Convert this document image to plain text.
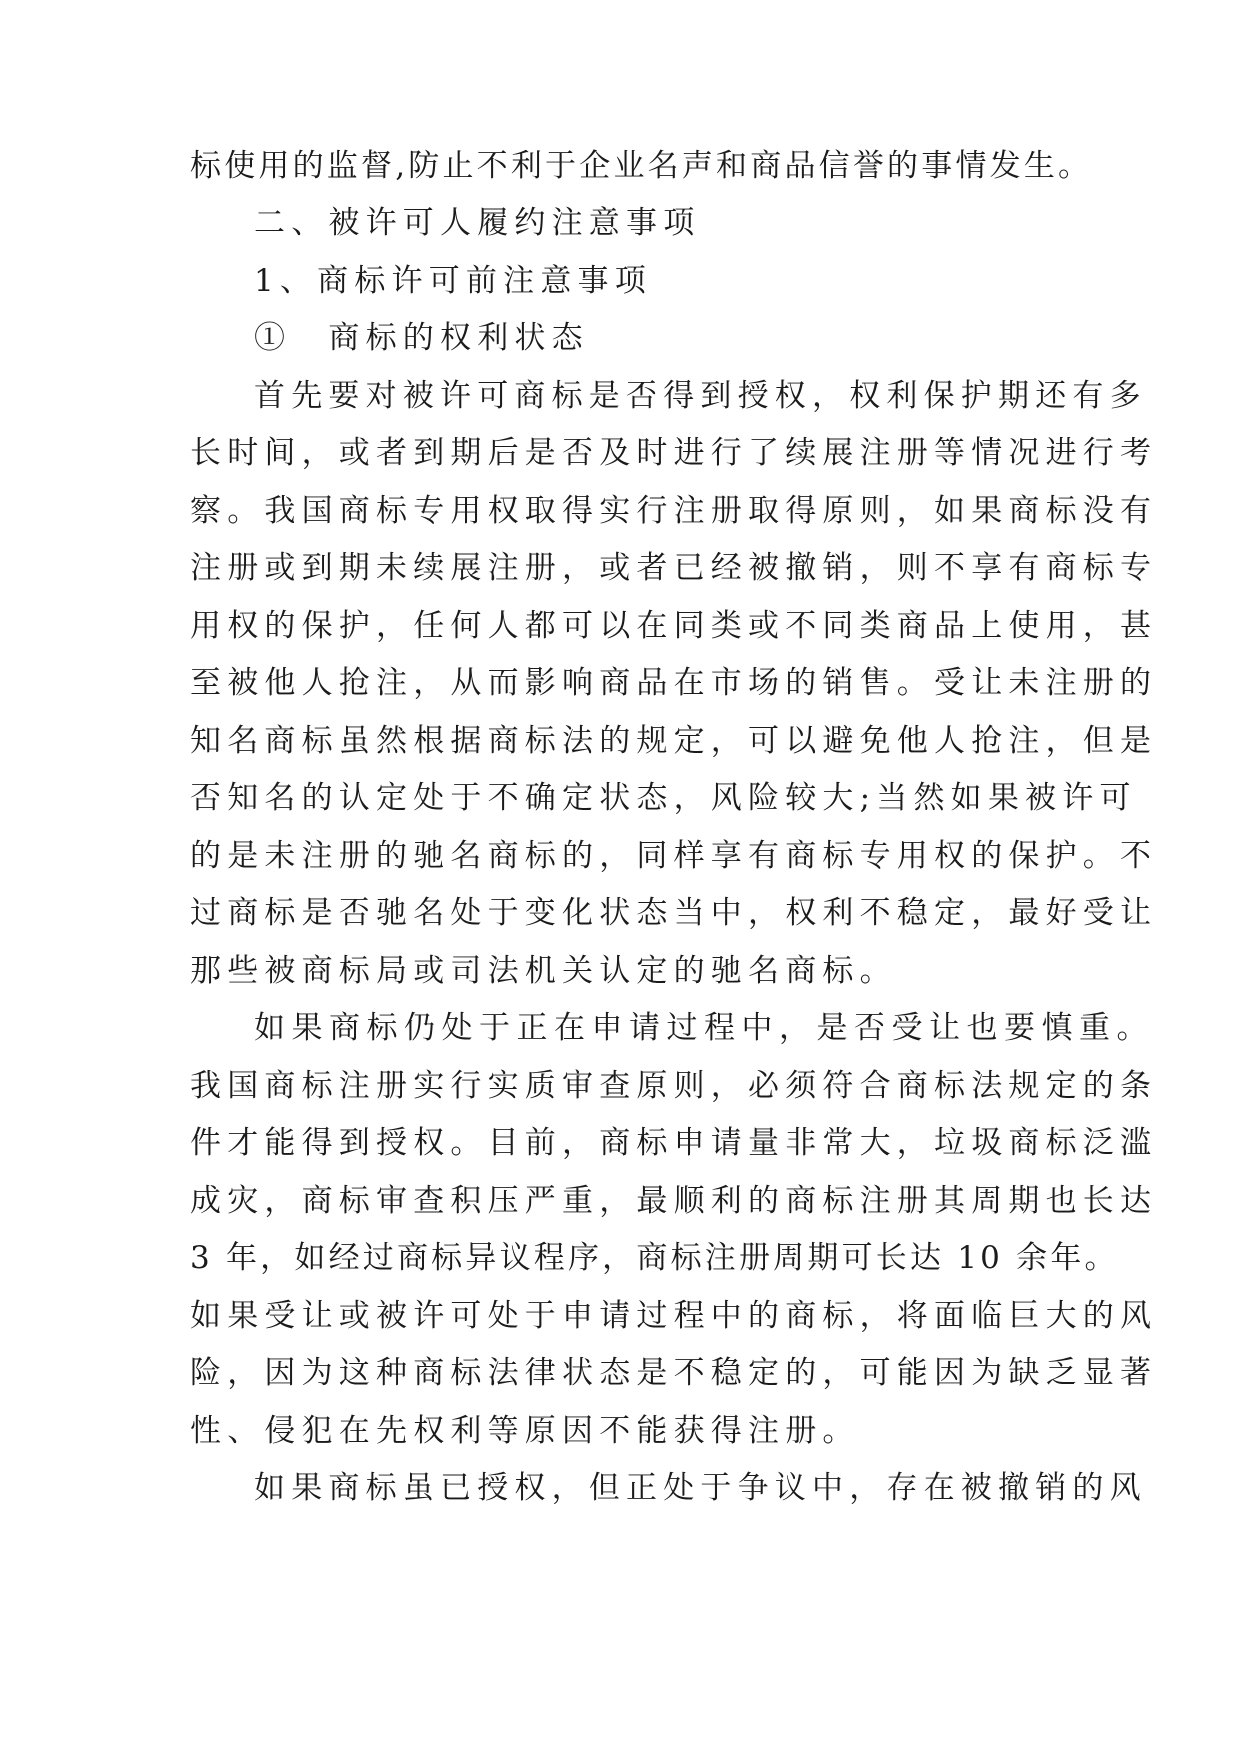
标使用的监督,防止不利于企业名声和商品信誉的事情发生。
二、被许可人履约注意事项
1、商标许可前注意事项
①　商标的权利状态
首先要对被许可商标是否得到授权，权利保护期还有多
长时间，或者到期后是否及时进行了续展注册等情况进行考
察。我国商标专用权取得实行注册取得原则，如果商标没有
注册或到期未续展注册，或者已经被撤销，则不享有商标专
用权的保护，任何人都可以在同类或不同类商品上使用，甚
至被他人抢注，从而影响商品在市场的销售。受让未注册的
知名商标虽然根据商标法的规定，可以避免他人抢注，但是
否知名的认定处于不确定状态，风险较大;当然如果被许可
的是未注册的驰名商标的，同样享有商标专用权的保护。不
过商标是否驰名处于变化状态当中，权利不稳定，最好受让
那些被商标局或司法机关认定的驰名商标。
如果商标仍处于正在申请过程中，是否受让也要慎重。
我国商标注册实行实质审查原则，必须符合商标法规定的条
件才能得到授权。目前，商标申请量非常大，垃圾商标泛滥
成灾，商标审查积压严重，最顺利的商标注册其周期也长达
3 年，如经过商标异议程序，商标注册周期可长达 10 余年。
如果受让或被许可处于申请过程中的商标，将面临巨大的风
险，因为这种商标法律状态是不稳定的，可能因为缺乏显著
性、侵犯在先权利等原因不能获得注册。
如果商标虽已授权，但正处于争议中，存在被撤销的风
